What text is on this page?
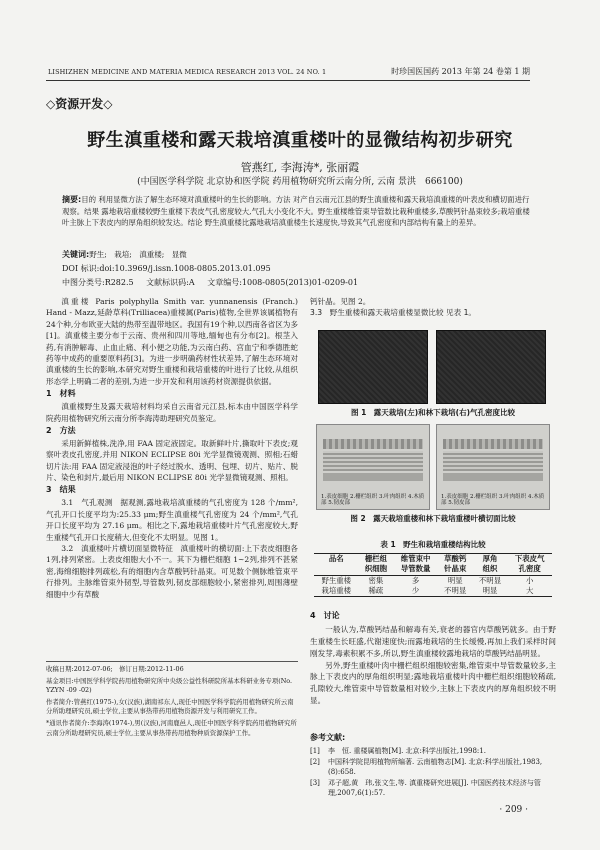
LISHIZHEN MEDICINE AND MATERIA MEDICA RESEARCH 2013 VOL. 24 NO. 1	时珍国医国药 2013 年第 24 卷第 1 期
◇资源开发◇
野生滇重楼和露天栽培滇重楼叶的显微结构初步研究
管燕红, 李海涛*, 张丽霞
(中国医学科学院 北京协和医学院 药用植物研究所云南分所, 云南 景洪　666100)
摘要:目的 利用显微方法了解生态环境对滇重楼叶的生长的影响。方法 对产自云南元江县的野生滇重楼和露天栽培滇重楼的叶表皮和横切面进行观察。结果 露地栽培重楼较野生重楼下表皮气孔密度较大,气孔大小变化不大。野生重楼维管束导管数比栽种重楼多,草酸钙针晶束较多;栽培重楼叶主脉上下表皮内的厚角组织较发达。结论 野生滇重楼比露地栽培滇重楼生长速度快,导致其气孔密度和内部结构有量上的差异。
关键词:野生;　栽培;　滇重楼;　显微
DOI 标识:doi:10.3969/j.issn.1008-0805.2013.01.095
中图分类号:R282.5 文献标识码:A 文章编号:1008-0805(2013)01-0209-01

滇重楼 Paris polyphylla Smith var. yunnanensis (Franch.) Hand - Mazz,延龄草科(Trilliacea)重楼属(Paris)植物,全世界该属植物有24个种,分布欧亚大陆的热带至温带地区。我国有19个种,以西南各省区为多[1]。滇重楼主要分布于云南、贵州和四川等地,缅甸也有分布[2]。根茎入药,有消肿解毒、止血止痛、利小便之功能,为云南白药、宫血宁和季德胜蛇药等中成药的重要原料药[3]。为进一步明确药材性状差异,了解生态环境对滇重楼的生长的影响,本研究对野生重楼和栽培重楼的叶进行了比较,从组织形态学上明确二者的差别,为进一步开发和利用该药材资源提供依据。

1　材料

滇重楼野生及露天栽培材料均采自云南省元江县,标本由中国医学科学院药用植物研究所云南分所李海涛助理研究员鉴定。

2　方法

采用新鲜植株,洗净,用 FAA 固定液固定。取新鲜叶片,撕取叶下表皮;观察叶表皮孔密度,并用 NIKON ECLIPSE 80i 光学显微镜观测、照相;石蜡切片法:用 FAA 固定液浸泡的叶子经过脱水、透明、包埋、切片、贴片、脱片、染色和封片,最后用 NIKON ECLIPSE 80i 光学显微镜观测、照相。

3　结果

3.1　气孔观测　据观测,露地栽培滇重楼的气孔密度为 128 个/mm²,气孔开口长度平均为:25.33 μm;野生滇重楼气孔密度为 24 个/mm²,气孔开口长度平均为 27.16 μm。相比之下,露地栽培重楼叶片气孔密度较大,野生重楼气孔开口长度稍大,但变化不太明显。见图 1。

3.2　滇重楼叶片横切面显微特征　滇重楼叶的横切面:上下表皮细胞各1列,排列紧密。上表皮细胞大小不一。其下为栅栏细胞 1~2列,排列不甚紧密,海绵细胞排列疏松,有的细胞内含草酸钙针晶束。可见数个侧脉维管束平行排列。主脉维管束外韧型,导管数列,韧皮部细胞较小,紧密排列,周围薄壁细胞中少有草酸

收稿日期:2012-07-06;　修订日期:2012-11-06

基金项目:中国医学科学院药用植物研究所中央级公益性科研院所基本科研业务专项(No. YZYN -09 -02)

作者简介:管燕红(1975-),女(汉族),湖南祁东人,现任中国医学科学院药用植物研究所云南分所助理研究员,硕士学位,主要从事热带药用植物资源开发与利用研究工作。

*通讯作者简介:李海涛(1974-),男(汉族),河南鹿邑人,现任中国医学科学院药用植物研究所云南分所助理研究员,硕士学位,主要从事热带药用植物种质资源保护工作。

钙针晶。见图 2。
3.3　野生重楼和露天栽培重楼显微比较 见表 1。
图 1　露天栽培(左)和林下栽培(右)气孔密度比较
1.表皮细胞 2.栅栏组织 3.叶肉组织 4.木质部 5.韧皮部
1.表皮细胞 2.栅栏组织 3.叶肉组织 4.木质部 5.韧皮部
图 2　露天栽培重楼和林下栽培重楼叶横切面比较
表 1　野生和栽培重楼结构比较
品名	栅栏组	维管束中	草酸钙	厚角	下表皮气
	织细胞	导管数量	针晶束	组织	孔密度
野生重楼	密集	多	明显	不明显	小
栽培重楼	稀疏	少	不明显	明显	大
4　讨论

一般认为,草酸钙结晶和解毒有关,衰老的器官内草酸钙就多。由于野生重楼生长旺盛,代谢速度快;而露地栽培的生长缓慢,再加上我们采样时间刚发芽,毒素积累不多,所以,野生滇重楼较露地栽培的草酸钙结晶明显。

另外,野生重楼叶肉中栅栏组织细胞较密集,维管束中导管数量较多,主脉上下表皮内的厚角组织明显;露地栽培重楼叶肉中栅栏组织细胞较稀疏,孔隙较大,维管束中导管数量相对较少,主脉上下表皮内的厚角组织较不明显。

参考文献:
[1]	李　恒. 重楼属植物[M]. 北京:科学出版社,1998:1.
[2]	中国科学院昆明植物所编著. 云南植物志[M]. 北京:科学出版社,1983,(8):658.
[3]	邓子超,黄　玮,张文生,等. 滇重楼研究进展[J]. 中国医药技术经济与管理,2007,6(1):57.
· 209 ·
